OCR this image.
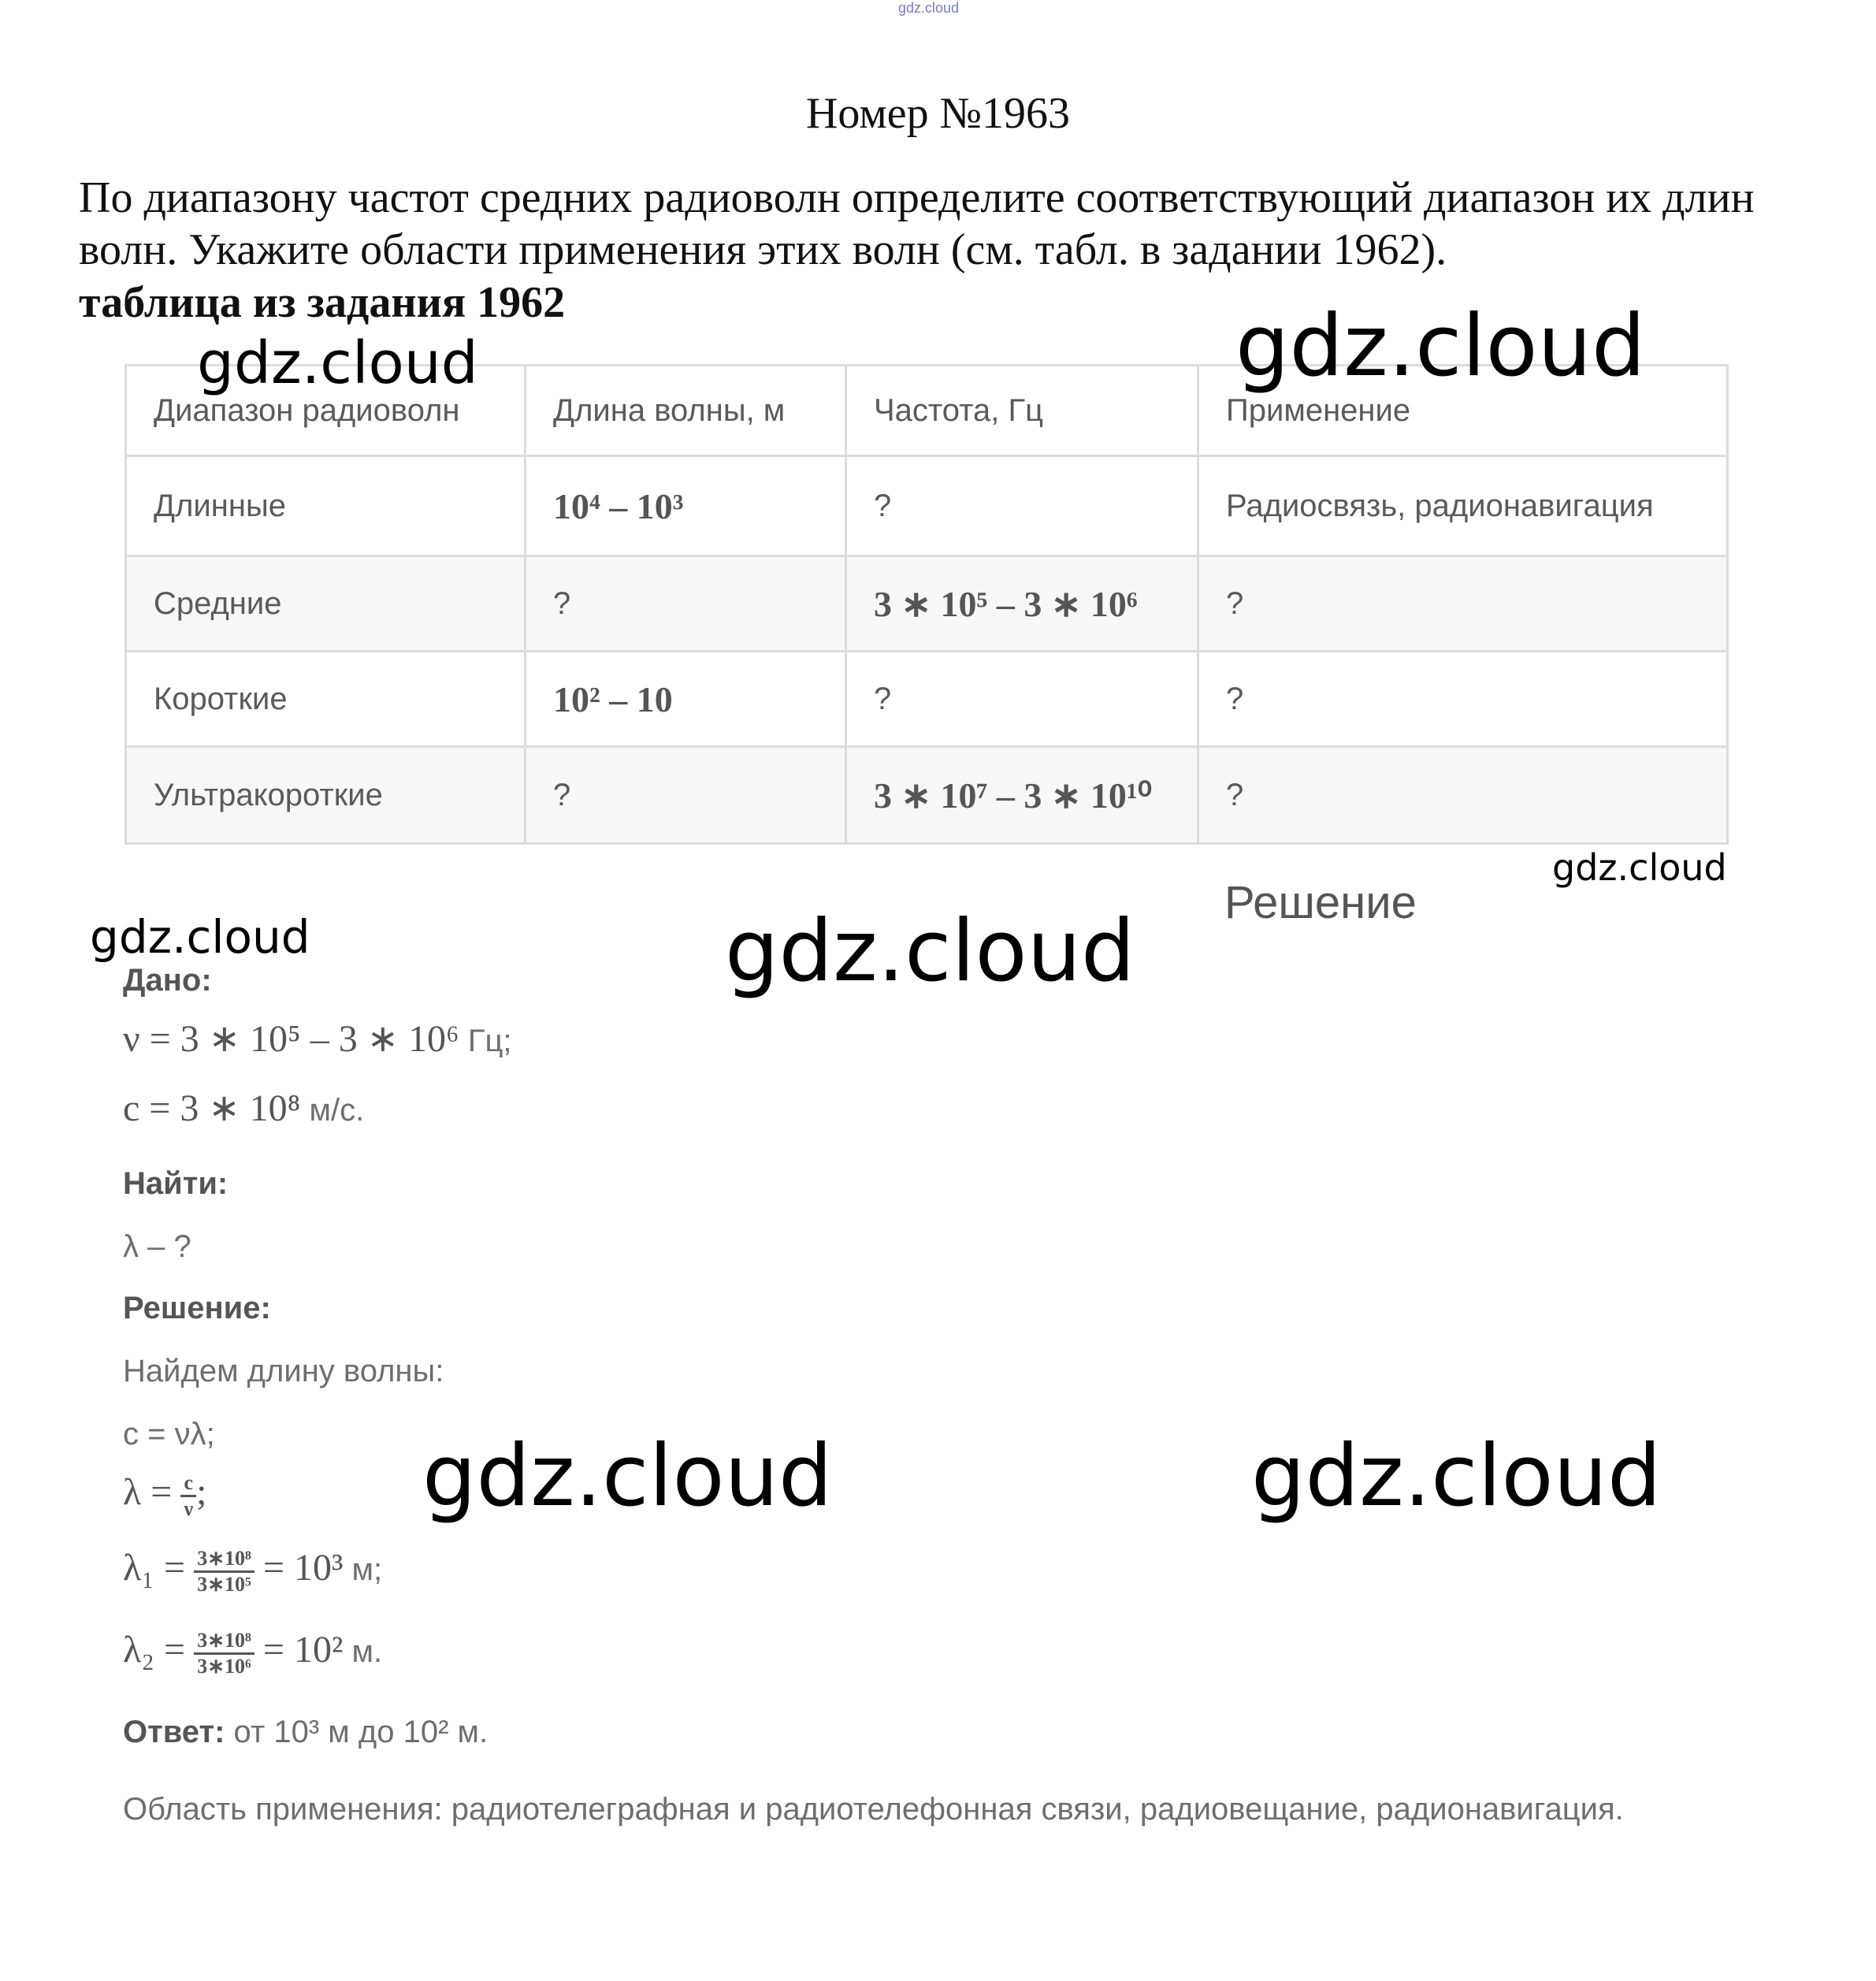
gdz.cloud
Номер №1963
По диапазону частот средних радиоволн определите соответствующий диапазон их длин волн. Укажите области применения этих волн (см. табл. в задании 1962).
таблица из задания 1962
Диапазон радиоволн	Длина волны, м	Частота, Гц	Применение
Длинные	10⁴ – 10³	?	Радиосвязь, радионавигация
Средние	?	3 ∗ 10⁵ – 3 ∗ 10⁶	?
Короткие	10² – 10	?	?
Ультракороткие	?	3 ∗ 10⁷ – 3 ∗ 10¹⁰	?
gdz.cloud	gdz.cloud
gdz.cloud
gdz.cloud	gdz.cloud
gdz.cloud	gdz.cloud
Решение
Дано:
ν = 3 ∗ 10⁵ – 3 ∗ 10⁶ Гц;
c = 3 ∗ 10⁸ м/с.
Найти:
λ – ?
Решение:
Найдем длину волны:
c = νλ;
$\lambda = \frac{c}{\nu}$ ;
$\lambda_1 = \frac{\text{3∗10⁸}}{\text{3∗10⁵}} = 10^3$ м;
$\lambda_2 = \frac{\text{3∗10⁸}}{\text{3∗10⁶}} = 10^2$ м.
Ответ: от 10³ м до 10² м.
Область применения: радиотелеграфная и радиотелефонная связи, радиовещание, радионавигация.
